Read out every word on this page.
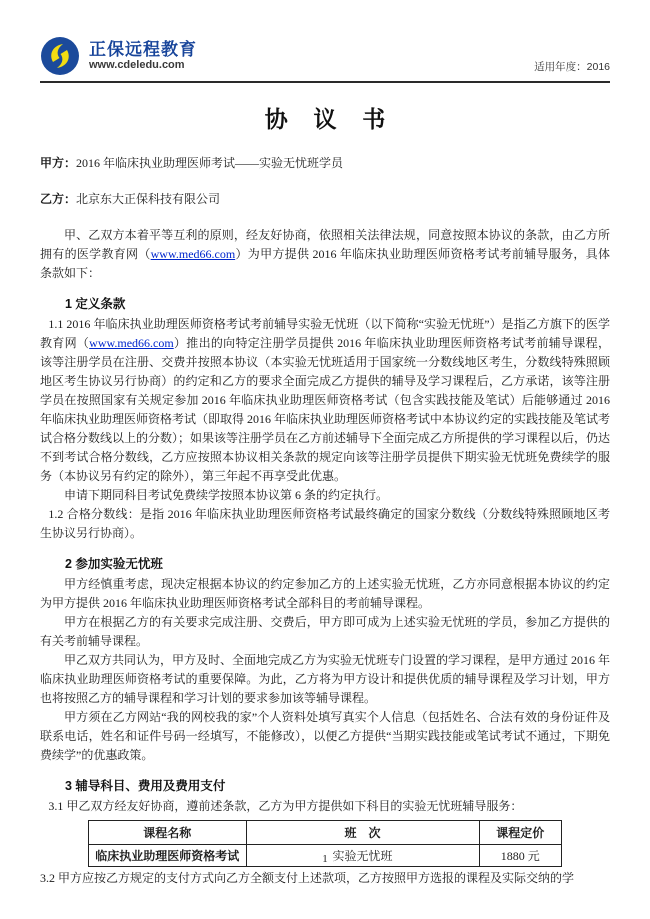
正保远程教育
www.cdeledu.com	适用年度：2016
协 议 书
甲方：2016 年临床执业助理医师考试——实验无忧班学员
乙方：北京东大正保科技有限公司

甲、乙双方本着平等互利的原则，经友好协商，依照相关法律法规，同意按照本协议的条款，由乙方所拥有的医学教育网（www.med66.com）为甲方提供 2016 年临床执业助理医师资格考试考前辅导服务，具体条款如下：

1 定义条款

1.1 2016 年临床执业助理医师资格考试考前辅导实验无忧班（以下简称“实验无忧班”）是指乙方旗下的医学教育网（www.med66.com）推出的向特定注册学员提供 2016 年临床执业助理医师资格考试考前辅导课程，该等注册学员在注册、交费并按照本协议（本实验无忧班适用于国家统一分数线地区考生，分数线特殊照顾地区考生协议另行协商）的约定和乙方的要求全面完成乙方提供的辅导及学习课程后，乙方承诺，该等注册学员在按照国家有关规定参加 2016 年临床执业助理医师资格考试（包含实践技能及笔试）后能够通过 2016 年临床执业助理医师资格考试（即取得 2016 年临床执业助理医师资格考试中本协议约定的实践技能及笔试考试合格分数线以上的分数）；如果该等注册学员在乙方前述辅导下全面完成乙方所提供的学习课程以后，仍达不到考试合格分数线，乙方应按照本协议相关条款的规定向该等注册学员提供下期实验无忧班免费续学的服务（本协议另有约定的除外），第三年起不再享受此优惠。

申请下期同科目考试免费续学按照本协议第 6 条的约定执行。

1.2 合格分数线：是指 2016 年临床执业助理医师资格考试最终确定的国家分数线（分数线特殊照顾地区考生协议另行协商）。

2 参加实验无忧班

甲方经慎重考虑，现决定根据本协议的约定参加乙方的上述实验无忧班，乙方亦同意根据本协议的约定为甲方提供 2016 年临床执业助理医师资格考试全部科目的考前辅导课程。

甲方在根据乙方的有关要求完成注册、交费后，甲方即可成为上述实验无忧班的学员，参加乙方提供的有关考前辅导课程。

甲乙双方共同认为，甲方及时、全面地完成乙方为实验无忧班专门设置的学习课程，是甲方通过 2016 年临床执业助理医师资格考试的重要保障。为此，乙方将为甲方设计和提供优质的辅导课程及学习计划，甲方也将按照乙方的辅导课程和学习计划的要求参加该等辅导课程。

甲方须在乙方网站“我的网校我的家”个人资料处填写真实个人信息（包括姓名、合法有效的身份证件及联系电话，姓名和证件号码一经填写，不能修改），以便乙方提供“当期实践技能或笔试考试不通过，下期免费续学”的优惠政策。

3 辅导科目、费用及费用支付

3.1 甲乙双方经友好协商，遵前述条款，乙方为甲方提供如下科目的实验无忧班辅导服务：

课程名称	班　次	课程定价
临床执业助理医师资格考试	实验无忧班	1880 元

3.2 甲方应按乙方规定的支付方式向乙方全额支付上述款项，乙方按照甲方选报的课程及实际交纳的学

1
